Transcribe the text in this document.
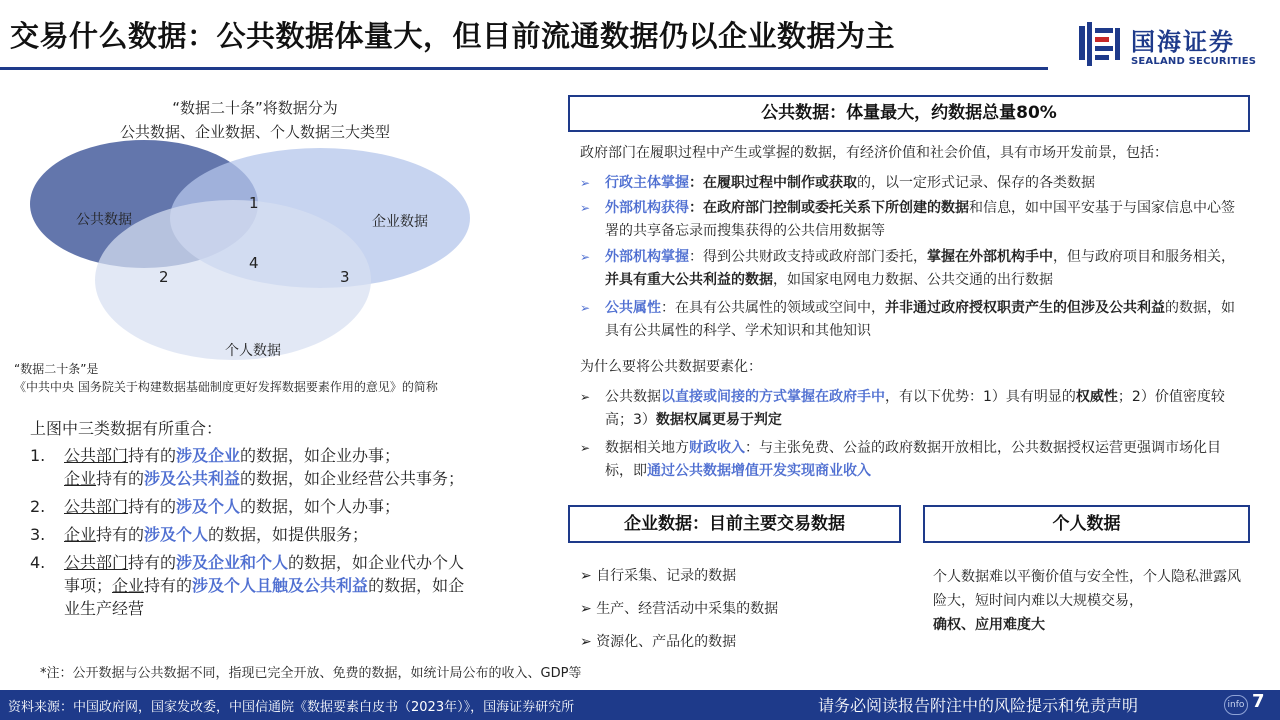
交易什么数据：公共数据体量大，但目前流通数据仍以企业数据为主	国海证券
SEALAND SECURITIES
“数据二十条”将数据分为
公共数据、企业数据、个人数据三大类型
公共数据	企业数据
个人数据
1
2	3
4
“数据二十条”是
《中共中央 国务院关于构建数据基础制度更好发挥数据要素作用的意见》的简称
上图中三类数据有所重合：
1. 公共部门持有的涉及企业的数据，如企业办事；
企业持有的涉及公共利益的数据，如企业经营公共事务；
2. 公共部门持有的涉及个人的数据，如个人办事；
3. 企业持有的涉及个人的数据，如提供服务；
4. 公共部门持有的涉及企业和个人的数据，如企业代办个人事项；企业持有的涉及个人且触及公共利益的数据，如企业生产经营
*注：公开数据与公共数据不同，指现已完全开放、免费的数据，如统计局公布的收入、GDP等
公共数据：体量最大，约数据总量80%
政府部门在履职过程中产生或掌握的数据，有经济价值和社会价值，具有市场开发前景，包括：
➢	行政主体掌握：在履职过程中制作或获取的，以一定形式记录、保存的各类数据
➢	外部机构获得：在政府部门控制或委托关系下所创建的数据和信息，如中国平安基于与国家信息中心签署的共享备忘录而搜集获得的公共信用数据等
➢	外部机构掌握：得到公共财政支持或政府部门委托，掌握在外部机构手中，但与政府项目和服务相关，并具有重大公共利益的数据，如国家电网电力数据、公共交通的出行数据
➢	公共属性：在具有公共属性的领域或空间中，并非通过政府授权职责产生的但涉及公共利益的数据，如具有公共属性的科学、学术知识和其他知识
为什么要将公共数据要素化：
➢	公共数据以直接或间接的方式掌握在政府手中，有以下优势：1）具有明显的权威性；2）价值密度较高；3）数据权属更易于判定
➢	数据相关地方财政收入：与主张免费、公益的政府数据开放相比，公共数据授权运营更强调市场化目标，即通过公共数据增值开发实现商业收入
企业数据：目前主要交易数据	个人数据
➢ 自行采集、记录的数据
➢ 生产、经营活动中采集的数据
➢ 资源化、产品化的数据
个人数据难以平衡价值与安全性，个人隐私泄露风险大，短时间内难以大规模交易，
确权、应用难度大
资料来源：中国政府网，国家发改委，中国信通院《数据要素白皮书（2023年）》，国海证券研究所	请务必阅读报告附注中的风险提示和免责声明	info 7
